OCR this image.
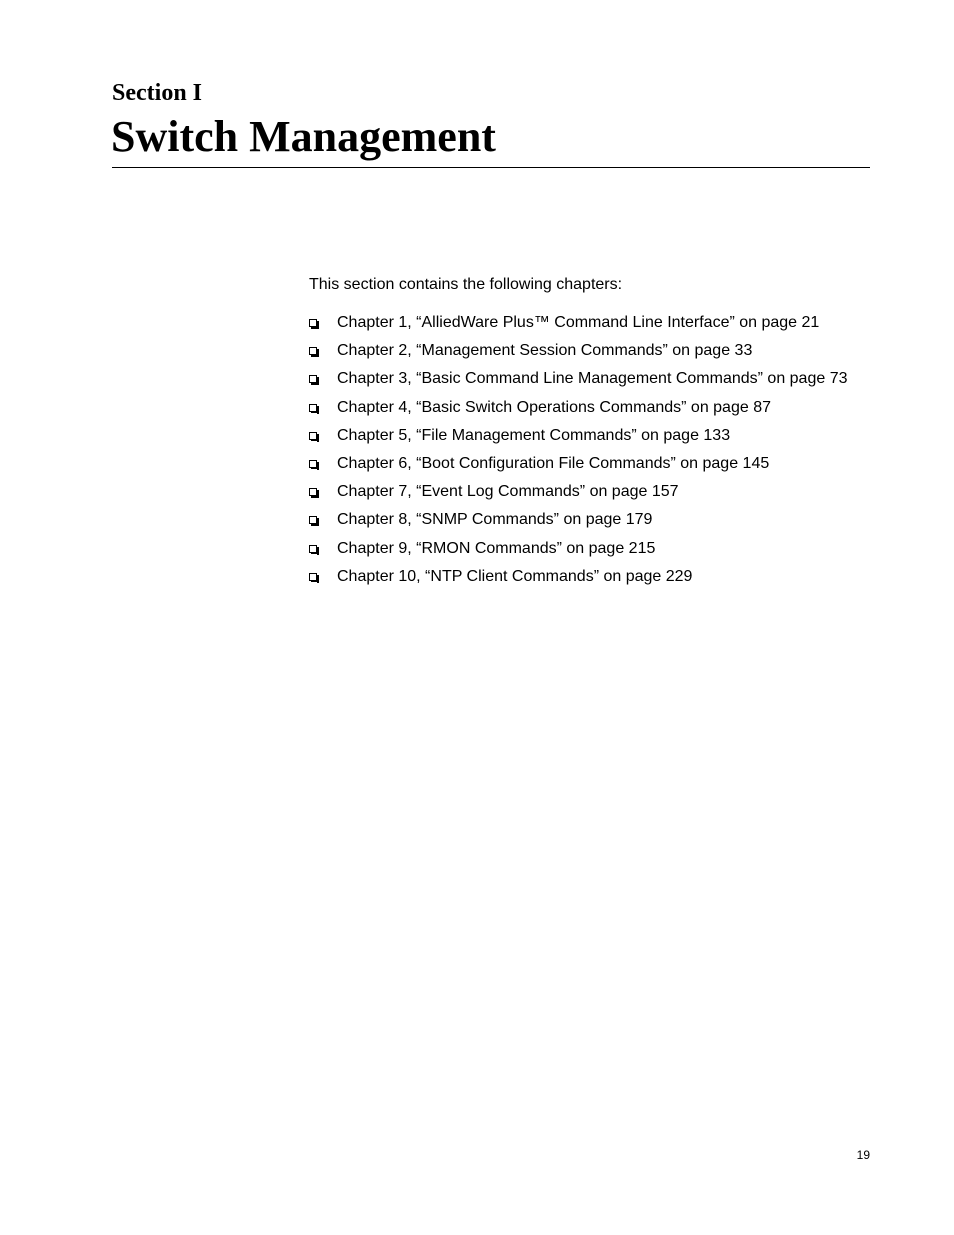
Section I
Switch Management
This section contains the following chapters:
Chapter 1, “AlliedWare Plus™ Command Line Interface” on page 21
Chapter 2, “Management Session Commands” on page 33
Chapter 3, “Basic Command Line Management Commands” on page 73
Chapter 4, “Basic Switch Operations Commands” on page 87
Chapter 5, “File Management Commands” on page 133
Chapter 6, “Boot Configuration File Commands” on page 145
Chapter 7, “Event Log Commands” on page 157
Chapter 8, “SNMP Commands” on page 179
Chapter 9, “RMON Commands” on page 215
Chapter 10, “NTP Client Commands” on page 229
19
